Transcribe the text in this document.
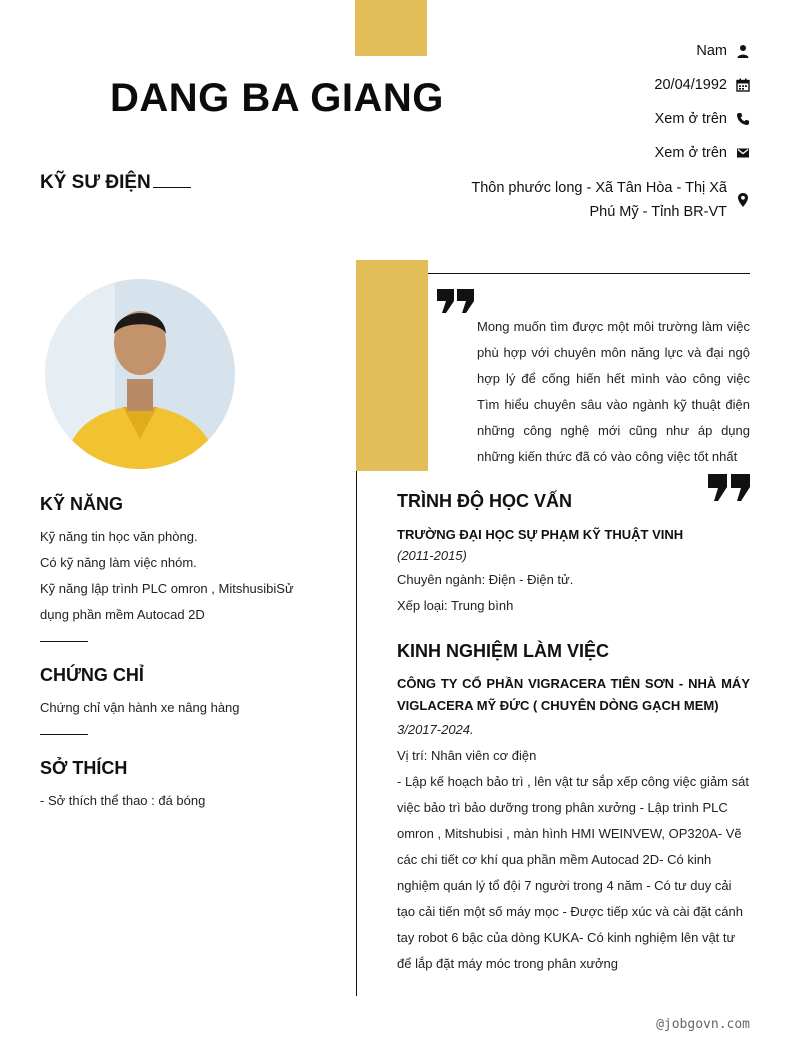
DANG BA GIANG
KỸ SƯ ĐIỆN
Nam
20/04/1992
Xem ở trên
Xem ở trên
Thôn phước long - Xã Tân Hòa - Thị Xã Phú Mỹ - Tỉnh BR-VT
Mong muốn tìm được một môi trường làm việc phù hợp với chuyên môn năng lực và đại ngộ hợp lý để cống hiến hết mình vào công việc Tìm hiểu chuyên sâu vào ngành kỹ thuật điện những công nghệ mới cũng như áp dụng những kiến thức đã có vào công việc tốt nhất
KỸ NĂNG
Kỹ năng tin học văn phòng.
Có kỹ năng làm việc nhóm.
Kỹ năng lập trình PLC omron , MitshusibiSử dụng phần mềm Autocad 2D
CHỨNG CHỈ
Chứng chỉ vận hành xe nâng hàng
SỞ THÍCH
- Sở thích thể thao : đá bóng
TRÌNH ĐỘ HỌC VẤN
TRƯỜNG ĐẠI HỌC SỰ PHẠM KỸ THUẬT VINH
(2011-2015)
Chuyên ngành: Điện - Điện tử.
Xếp loại: Trung bình
KINH NGHIỆM LÀM VIỆC
CÔNG TY CỔ PHẦN VIGRACERA TIÊN SƠN - NHÀ MÁY VIGLACERA MỸ ĐỨC ( CHUYÊN DÒNG GẠCH MEM)
3/2017-2024.
Vị trí: Nhân viên cơ điện
- Lập kế hoạch bảo trì , lên vật tư sắp xếp công việc giảm sát việc bảo trì bảo dưỡng trong phân xưởng - Lập trình PLC omron , Mitshubisi , màn hình HMI WEINVEW, OP320A- Vẽ các chi tiết cơ khí qua phần mềm Autocad 2D- Có kinh nghiệm quán lý tổ đội 7 người trong 4 năm - Có tư duy cải tạo cải tiến một số máy mọc - Được tiếp xúc và cài đặt cánh tay robot 6 bậc của dòng KUKA- Có kinh nghiệm lên vật tư để lắp đặt máy móc trong phân xưởng
@jobgovn.com
